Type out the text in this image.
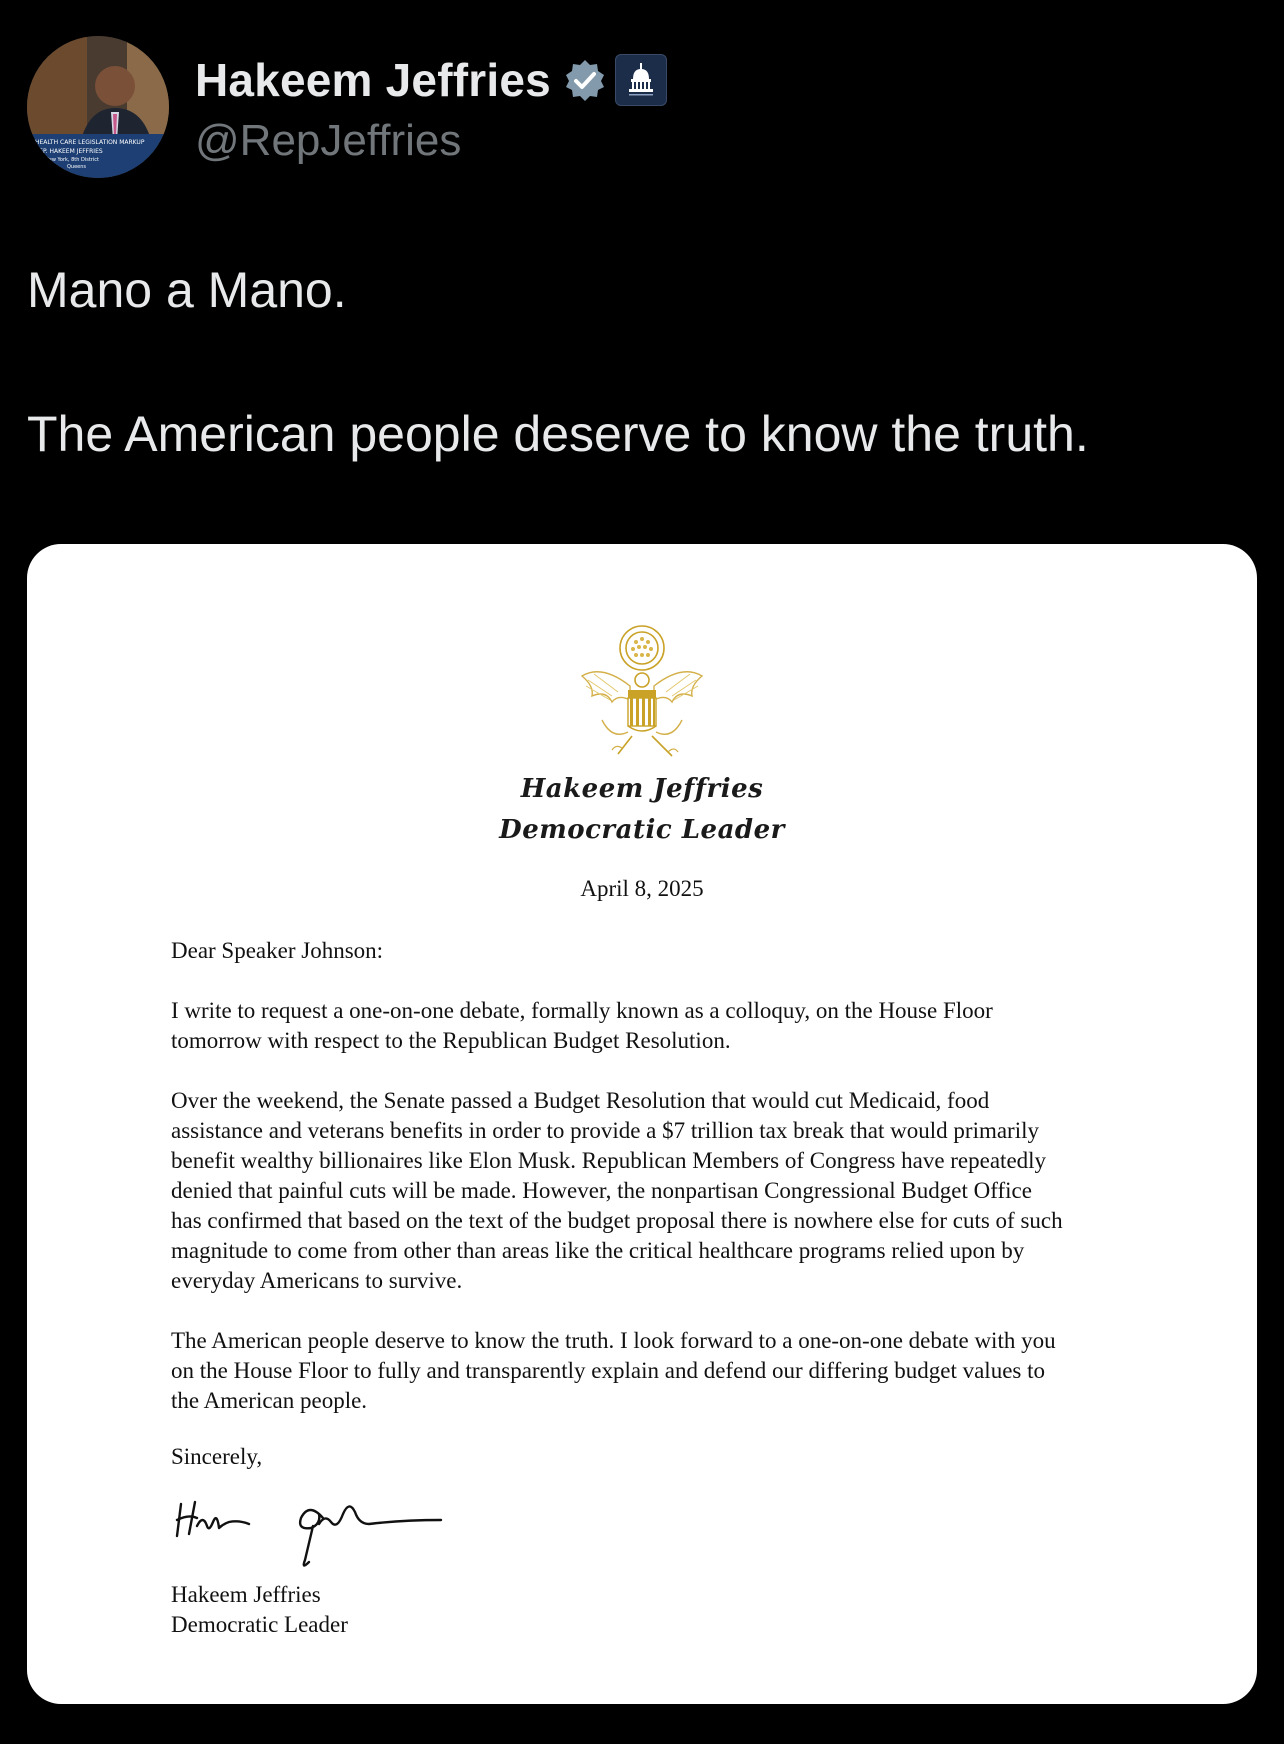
HEALTH CARE LEGISLATION MARKUP
REP. HAKEEM JEFFRIES
New York, 8th District
Queens
Hakeem Jeffries
@RepJeffries

Mano a Mano.

The American people deserve to know the truth.

Hakeem Jeffries
Democratic Leader
April 8, 2025

Dear Speaker Johnson:

I write to request a one-on-one debate, formally known as a colloquy, on the House Floor
tomorrow with respect to the Republican Budget Resolution.

Over the weekend, the Senate passed a Budget Resolution that would cut Medicaid, food
assistance and veterans benefits in order to provide a $7 trillion tax break that would primarily
benefit wealthy billionaires like Elon Musk. Republican Members of Congress have repeatedly
denied that painful cuts will be made. However, the nonpartisan Congressional Budget Office
has confirmed that based on the text of the budget proposal there is nowhere else for cuts of such
magnitude to come from other than areas like the critical healthcare programs relied upon by
everyday Americans to survive.

The American people deserve to know the truth. I look forward to a one-on-one debate with you
on the House Floor to fully and transparently explain and defend our differing budget values to
the American people.

Sincerely,
Hakeem Jeffries
Democratic Leader
